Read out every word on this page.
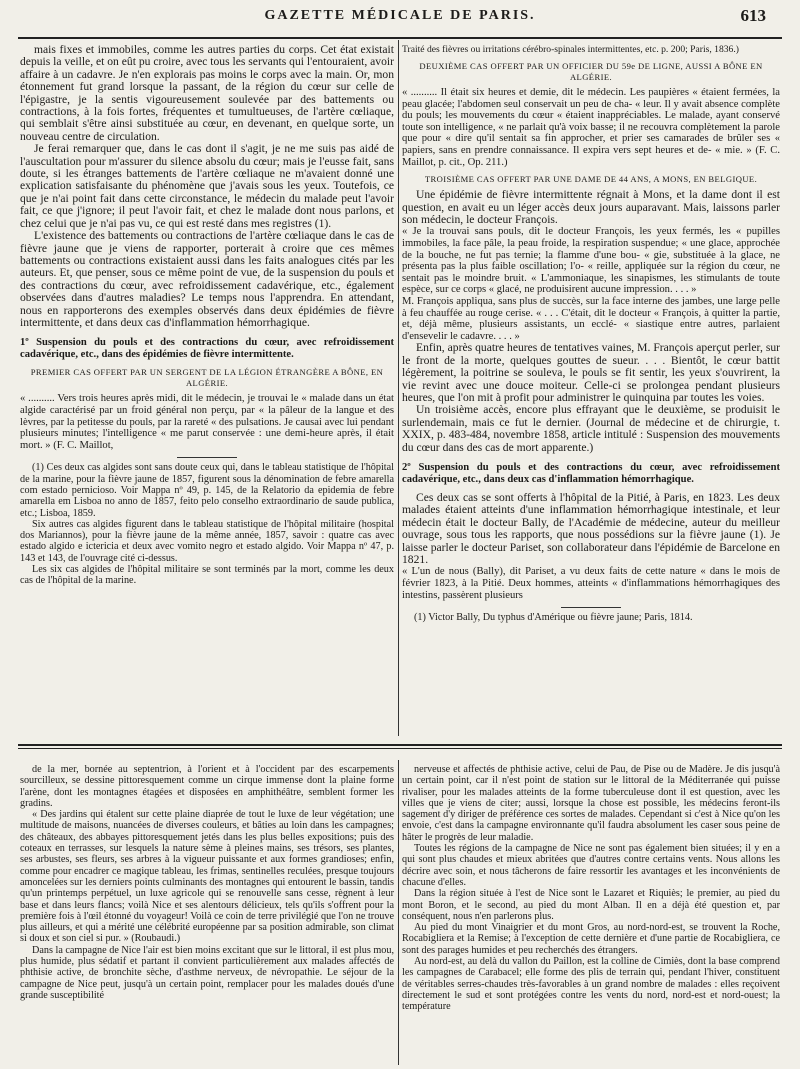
GAZETTE MÉDICALE DE PARIS.	613

mais fixes et immobiles, comme les autres parties du corps. Cet état existait depuis la veille, et on eût pu croire, avec tous les servants qui l'entouraient, avoir affaire à un cadavre. Je n'en explorais pas moins le corps avec la main. Or, mon étonnement fut grand lorsque la passant, de la région du cœur sur celle de l'épigastre, je la sentis vigoureusement soulevée par des battements ou contractions, à la fois fortes, fréquentes et tumultueuses, de l'artère cœliaque, qui semblait s'être ainsi substituée au cœur, en devenant, en quelque sorte, un nouveau centre de circulation.

Je ferai remarquer que, dans le cas dont il s'agit, je ne me suis pas aidé de l'auscultation pour m'assurer du silence absolu du cœur; mais je l'eusse fait, sans doute, si les étranges battements de l'artère cœliaque ne m'avaient donné une explication satisfaisante du phénomène que j'avais sous les yeux. Toutefois, ce que je n'ai point fait dans cette circonstance, le médecin du malade peut l'avoir fait, ce que j'ignore; il peut l'avoir fait, et chez le malade dont nous parlons, et chez celui que je n'ai pas vu, ce qui est resté dans mes registres (1).

L'existence des battements ou contractions de l'artère cœliaque dans le cas de fièvre jaune que je viens de rapporter, porterait à croire que ces mêmes battements ou contractions existaient aussi dans les faits analogues cités par les auteurs. Et, que penser, sous ce même point de vue, de la suspension du pouls et des contractions du cœur, avec refroidissement cadavérique, etc., également observées dans d'autres maladies? Le temps nous l'apprendra. En attendant, nous en rapporterons des exemples observés dans deux épidémies de fièvre intermittente, et dans deux cas d'inflammation hémorrhagique.

1º Suspension du pouls et des contractions du cœur, avec refroidissement cadavérique, etc., dans des épidémies de fièvre intermittente.

PREMIER CAS OFFERT PAR UN SERGENT DE LA LÉGION ÉTRANGÈRE A BÔNE, EN ALGÉRIE.

« .......... Vers trois heures après midi, dit le médecin, je trouvai le « malade dans un état algide caractérisé par un froid général non perçu, par « la pâleur de la langue et des lèvres, par la petitesse du pouls, par la rareté « des pulsations. Je causai avec lui pendant plusieurs minutes; l'intelligence « me parut conservée : une demi-heure après, il était mort. » (F. C. Maillot,

(1) Ces deux cas algides sont sans doute ceux qui, dans le tableau statistique de l'hôpital de la marine, pour la fièvre jaune de 1857, figurent sous la dénomination de febre amarella com estado pernicioso. Voir Mappa nº 49, p. 145, de la Relatorio da epidemia de febre amarella em Lisboa no anno de 1857, feito pelo conselho extraordinario de saude publica, etc.; Lisboa, 1859.

Six autres cas algides figurent dans le tableau statistique de l'hôpital militaire (hospital dos Mariannos), pour la fièvre jaune de la même année, 1857, savoir : quatre cas avec estado algido e ictericia et deux avec vomito negro et estado algido. Voir Mappa nº 47, p. 143 et 143, de l'ouvrage cité ci-dessus.

Les six cas algides de l'hôpital militaire se sont terminés par la mort, comme les deux cas de l'hôpital de la marine.

Traité des fièvres ou irritations cérébro-spinales intermittentes, etc. p. 200; Paris, 1836.)

DEUXIÈME CAS OFFERT PAR UN OFFICIER DU 59e DE LIGNE, AUSSI A BÔNE EN ALGÉRIE.

« .......... Il était six heures et demie, dit le médecin. Les paupières « étaient fermées, la peau glacée; l'abdomen seul conservait un peu de cha- « leur. Il y avait absence complète du pouls; les mouvements du cœur « étaient inappréciables. Le malade, ayant conservé toute son intelligence, « ne parlait qu'à voix basse; il ne recouvra complètement la parole que pour « dire qu'il sentait sa fin approcher, et prier ses camarades de brûler ses « papiers, sans en prendre connaissance. Il expira vers sept heures et de- « mie. » (F. C. Maillot, p. cit., Op. 211.)

TROISIÈME CAS OFFERT PAR UNE DAME DE 44 ANS, A MONS, EN BELGIQUE.

Une épidémie de fièvre intermittente régnait à Mons, et la dame dont il est question, en avait eu un léger accès deux jours auparavant. Mais, laissons parler son médecin, le docteur François.

« Je la trouvai sans pouls, dit le docteur François, les yeux fermés, les « pupilles immobiles, la face pâle, la peau froide, la respiration suspendue; « une glace, approchée de la bouche, ne fut pas ternie; la flamme d'une bou- « gie, substituée à la glace, ne présenta pas la plus faible oscillation; l'o- « reille, appliquée sur la région du cœur, ne sentait pas le moindre bruit. « L'ammoniaque, les sinapismes, les stimulants de toute espèce, sur ce corps « glacé, ne produisirent aucune impression. . . . »

M. François appliqua, sans plus de succès, sur la face interne des jambes, une large pelle à feu chauffée au rouge cerise. « . . . C'était, dit le docteur « François, à quitter la partie, et, déjà même, plusieurs assistants, un ecclé- « siastique entre autres, parlaient d'ensevelir le cadavre. . . . »

Enfin, après quatre heures de tentatives vaines, M. François aperçut perler, sur le front de la morte, quelques gouttes de sueur. . . . Bientôt, le cœur battit légèrement, la poitrine se souleva, le pouls se fit sentir, les yeux s'ouvrirent, la vie revint avec une douce moiteur. Celle-ci se prolongea pendant plusieurs heures, que l'on mit à profit pour administrer le quinquina par toutes les voies.

Un troisième accès, encore plus effrayant que le deuxième, se produisit le surlendemain, mais ce fut le dernier. (Journal de médecine et de chirurgie, t. XXIX, p. 483-484, novembre 1858, article intitulé : Suspension des mouvements du cœur dans des cas de mort apparente.)

2º Suspension du pouls et des contractions du cœur, avec refroidissement cadavérique, etc., dans deux cas d'inflammation hémorrhagique.

Ces deux cas se sont offerts à l'hôpital de la Pitié, à Paris, en 1823. Les deux malades étaient atteints d'une inflammation hémorrhagique intestinale, et leur médecin était le docteur Bally, de l'Académie de médecine, auteur du meilleur ouvrage, sous tous les rapports, que nous possédions sur la fièvre jaune (1). Je laisse parler le docteur Pariset, son collaborateur dans l'épidémie de Barcelone en 1821.

« L'un de nous (Bally), dit Pariset, a vu deux faits de cette nature « dans le mois de février 1823, à la Pitié. Deux hommes, atteints « d'inflammations hémorrhagiques des intestins, passèrent plusieurs

(1) Victor Bally, Du typhus d'Amérique ou fièvre jaune; Paris, 1814.

de la mer, bornée au septentrion, à l'orient et à l'occident par des escarpements sourcilleux, se dessine pittoresquement comme un cirque immense dont la plaine forme l'arène, dont les montagnes étagées et disposées en amphithéâtre, semblent former les gradins.

« Des jardins qui étalent sur cette plaine diaprée de tout le luxe de leur végétation; une multitude de maisons, nuancées de diverses couleurs, et bâties au loin dans les campagnes; des châteaux, des abbayes pittoresquement jetés dans les plus belles expositions; puis des coteaux en terrasses, sur lesquels la nature sème à pleines mains, ses trésors, ses plantes, ses arbustes, ses fleurs, ses arbres à la vigueur puissante et aux formes grandioses; enfin, comme pour encadrer ce magique tableau, les frimas, sentinelles reculées, presque toujours amoncelées sur les derniers points culminants des montagnes qui entourent le bassin, tandis qu'un printemps perpétuel, un luxe agricole qui se renouvelle sans cesse, règnent à leur base et dans leurs flancs; voilà Nice et ses alentours délicieux, tels qu'ils s'offrent pour la première fois à l'œil étonné du voyageur! Voilà ce coin de terre privilégié que l'on ne trouve plus ailleurs, et qui a mérité une célébrité européenne par sa position admirable, son climat si doux et son ciel si pur. » (Roubaudi.)

Dans la campagne de Nice l'air est bien moins excitant que sur le littoral, il est plus mou, plus humide, plus sédatif et partant il convient particulièrement aux malades affectés de phthisie active, de bronchite sèche, d'asthme nerveux, de névropathie. Le séjour de la campagne de Nice peut, jusqu'à un certain point, remplacer pour les malades doués d'une grande susceptibilité

nerveuse et affectés de phthisie active, celui de Pau, de Pise ou de Madère. Je dis jusqu'à un certain point, car il n'est point de station sur le littoral de la Méditerranée qui puisse rivaliser, pour les malades atteints de la forme tuberculeuse dont il est question, avec les villes que je viens de citer; aussi, lorsque la chose est possible, les médecins feront-ils sagement d'y diriger de préférence ces sortes de malades. Cependant si c'est à Nice qu'on les envoie, c'est dans la campagne environnante qu'il faudra absolument les caser sous peine de hâter le progrès de leur maladie.

Toutes les régions de la campagne de Nice ne sont pas également bien situées; il y en a qui sont plus chaudes et mieux abritées que d'autres contre certains vents. Nous allons les décrire avec soin, et nous tâcherons de faire ressortir les avantages et les inconvénients de chacune d'elles.

Dans la région située à l'est de Nice sont le Lazaret et Riquiès; le premier, au pied du mont Boron, et le second, au pied du mont Alban. Il en a déjà été question et, par conséquent, nous n'en parlerons plus.

Au pied du mont Vinaigrier et du mont Gros, au nord-nord-est, se trouvent la Roche, Rocabigliera et la Remise; à l'exception de cette dernière et d'une partie de Rocabigliera, ce sont des parages humides et peu recherchés des étrangers.

Au nord-est, au delà du vallon du Paillon, est la colline de Cimiès, dont la base comprend les campagnes de Carabacel; elle forme des plis de terrain qui, pendant l'hiver, constituent de véritables serres-chaudes très-favorables à un grand nombre de malades : elles reçoivent directement le sud et sont protégées contre les vents du nord, nord-est et nord-ouest; la température
